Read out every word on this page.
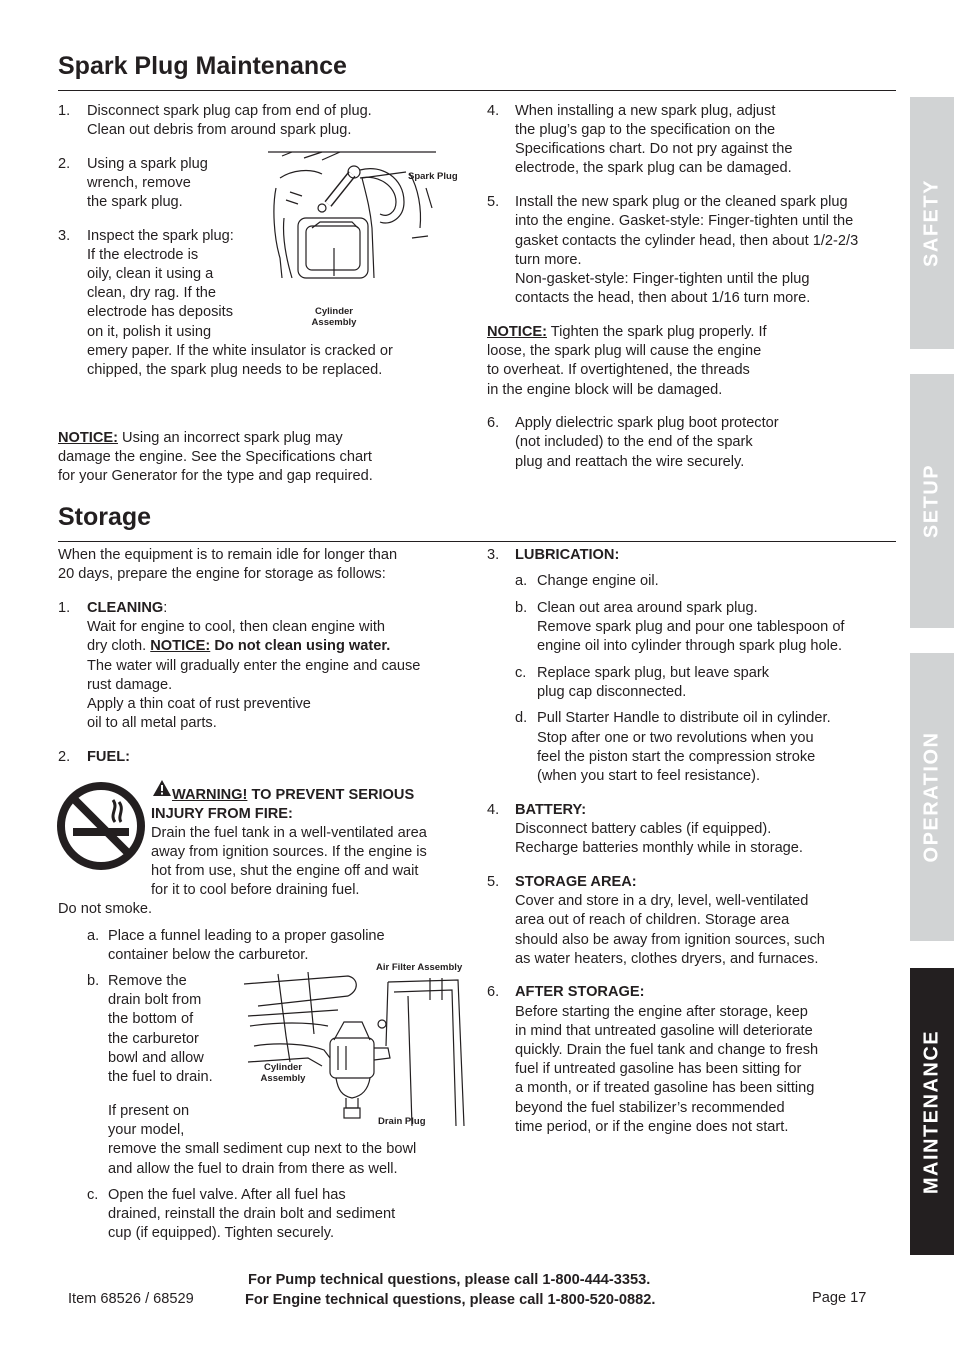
SAFETY
SETUP
OPERATION
MAINTENANCE
Spark Plug Maintenance
1. Disconnect spark plug cap from end of plug.

Clean out debris from around spark plug.

2. Using a spark plug

wrench, remove

the spark plug.

3. Inspect the spark plug:

If the electrode is

oily, clean it using a

clean, dry rag. If the

electrode has deposits

on it, polish it using

emery paper. If the white insulator is cracked or

chipped, the spark plug needs to be replaced.

Spark Plug
Cylinder
Assembly

NOTICE: Using an incorrect spark plug may

damage the engine. See the Specifications chart

for your Generator for the type and gap required.

4. When installing a new spark plug, adjust

the plug’s gap to the specification on the

Specifications chart. Do not pry against the

electrode, the spark plug can be damaged.

5. Install the new spark plug or the cleaned spark plug

into the engine. Gasket-style: Finger-tighten until the

gasket contacts the cylinder head, then about 1/2-2/3

turn more.

Non-gasket-style: Finger-tighten until the plug

contacts the head, then about 1/16 turn more.

NOTICE: Tighten the spark plug properly. If

loose, the spark plug will cause the engine

to overheat. If overtightened, the threads

in the engine block will be damaged.

6. Apply dielectric spark plug boot protector

(not included) to the end of the spark

plug and reattach the wire securely.

Storage

When the equipment is to remain idle for longer than

20 days, prepare the engine for storage as follows:

1. CLEANING:

Wait for engine to cool, then clean engine with

dry cloth. NOTICE: Do not clean using water.

The water will gradually enter the engine and cause

rust damage.

Apply a thin coat of rust preventive

oil to all metal parts.

2. FUEL:

WARNING! TO PREVENT SERIOUS

INJURY FROM FIRE:

Drain the fuel tank in a well-ventilated area

away from ignition sources. If the engine is

hot from use, shut the engine off and wait

for it to cool before draining fuel.

Do not smoke.

a. Place a funnel leading to a proper gasoline

container below the carburetor.

b. Remove the

drain bolt from

the bottom of

the carburetor

bowl and allow

the fuel to drain.

If present on

your model,

remove the small sediment cup next to the bowl

and allow the fuel to drain from there as well.

Air Filter Assembly
Cylinder
Assembly
Drain Plug
c. Open the fuel valve. After all fuel has

drained, reinstall the drain bolt and sediment

cup (if equipped). Tighten securely.

3. LUBRICATION:

a. Change engine oil.

b. Clean out area around spark plug.

Remove spark plug and pour one tablespoon of

engine oil into cylinder through spark plug hole.

c. Replace spark plug, but leave spark

plug cap disconnected.

d. Pull Starter Handle to distribute oil in cylinder.

Stop after one or two revolutions when you

feel the piston start the compression stroke

(when you start to feel resistance).

4. BATTERY:

Disconnect battery cables (if equipped).

Recharge batteries monthly while in storage.

5. STORAGE AREA:

Cover and store in a dry, level, well-ventilated

area out of reach of children. Storage area

should also be away from ignition sources, such

as water heaters, clothes dryers, and furnaces.

6. AFTER STORAGE:

Before starting the engine after storage, keep

in mind that untreated gasoline will deteriorate

quickly. Drain the fuel tank and change to fresh

fuel if untreated gasoline has been sitting for

a month, or if treated gasoline has been sitting

beyond the fuel stabilizer’s recommended

time period, or if the engine does not start.

Item 68526 / 68529
For Pump technical questions, please call 1-800-444-3353.
For Engine technical questions, please call 1-800-520-0882.	Page 17
